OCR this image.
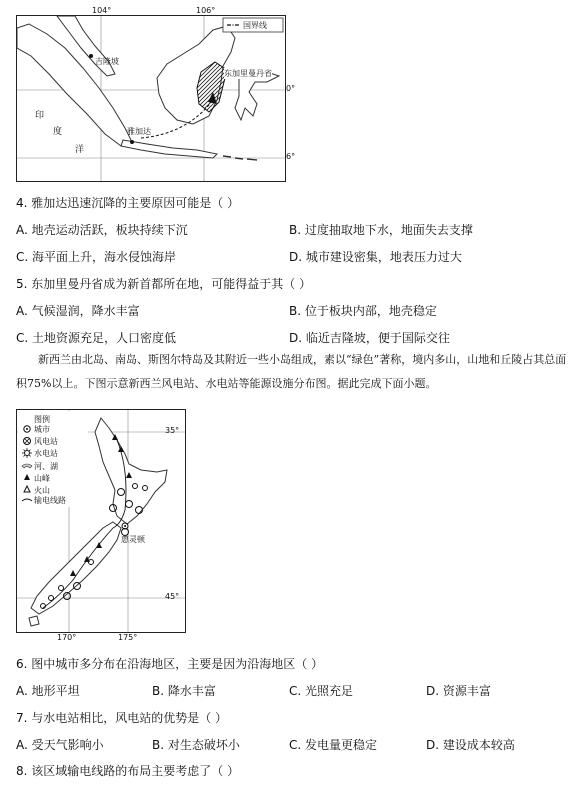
104°	106°
国界线
吉隆坡
东加里曼丹省
雅加达
印
度
洋
0°
6°
4. 雅加达迅速沉降的主要原因可能是（ ）
A. 地壳运动活跃，板块持续下沉	B. 过度抽取地下水，地面失去支撑
C. 海平面上升，海水侵蚀海岸	D. 城市建设密集，地表压力过大
5. 东加里曼丹省成为新首都所在地，可能得益于其（ ）
A. 气候湿润，降水丰富	B. 位于板块内部，地壳稳定
C. 土地资源充足，人口密度低	D. 临近吉隆坡，便于国际交往
新西兰由北岛、南岛、斯图尔特岛及其附近一些小岛组成，素以“绿色”著称，境内多山，山地和丘陵占其总面积75%以上。下图示意新西兰风电站、水电站等能源设施分布图。据此完成下面小题。
图例
城市
风电站
水电站
河、湖
山峰
火山
输电线路
惠灵顿
35°
45°
170°	175°
6. 图中城市多分布在沿海地区，主要是因为沿海地区（ ）
A. 地形平坦	B. 降水丰富	C. 光照充足	D. 资源丰富
7. 与水电站相比，风电站的优势是（ ）
A. 受天气影响小	B. 对生态破坏小	C. 发电量更稳定	D. 建设成本较高
8. 该区域输电线路的布局主要考虑了（ ）
